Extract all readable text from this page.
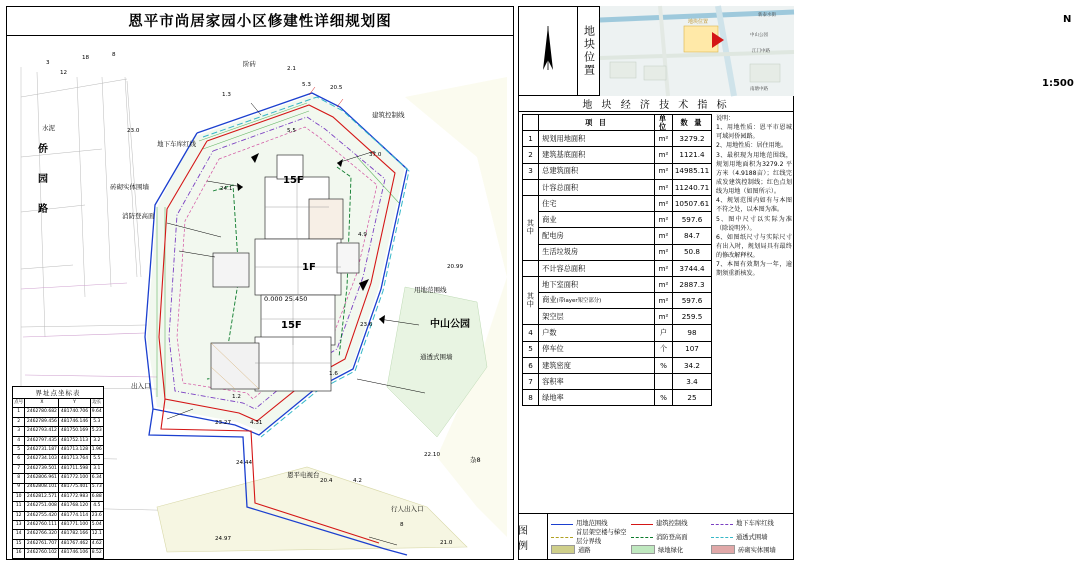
恩平市尚居家园小区修建性详细规划图
阶砖
建筑控制线
地下车库红线
砖砌实体围墙
消防登高面
用地范围线
中山公园
通透式围墙
出入口
行人出入口
1F
15F
15F
侨
园
路
水泥
恩平电视台
杂8
0.000 25.450
3
18	8
1.3
2.1
5.3	20.5
23.0	5.5
24.1
37.0
4.9
20.99
23.6
1.6
1.2
23.27	4.31
24.44
20.4	4.2
22.10
24.97
8
21.0
12
界址点坐标表
点号	X	Y	边长
1	2462780.682	481740.706	9.64
2	2462789.456	481746.146	5.3
3	2462793.412	481750.169	5.23
4	2462797.435	481752.113	3.2
5	2462731.187	481713.128	1.96
6	2462734.103	481713.764	5.5
7	2462739.501	481711.598	3.1
8	2462806.961	481772.100	6.34
9	2462808.101	481775.401	5.73
10	2462812.571	481772.983	6.88
11	2462751.008	481768.120	4.5
12	2462755.420	481774.114	23.6
13	2462760.111	481771.100	5.04
14	2462766.320	481782.166	12.1
15	2462761.707	481767.462	4.62
16	2462760.102	481746.106	8.52
N
1:500
地块位置
新泰水街
中山公园
江门中路
南塘中路
地块位置
地 块 经 济 技 术 指 标
	项 目	单位	数 量
1	规划用地面积	m²	3279.2
2	建筑基底面积	m²	1121.4
3	总建筑面积	m²	14985.11
	计容总面积	m²	11240.71
其中	住宅	m²	10507.61
	商业	m²	597.6
	配电房	m²	84.7
	生活垃圾房	m²	50.8
	不计容总面积	m²	3744.4
其中	地下室面积	m²	2887.3
	商业(带layer架空部分)	m²	597.6
	架空层	m²	259.5
4	户数	户	98
5	停车位	个	107
6	建筑密度	%	34.2
7	容积率		3.4
8	绿地率	%	25
说明：
1、用地性质：恩平市恩城可域河侨园路。
2、用地性质：居住用地。
3、最积现为用地范围线，规划用地面积为3279.2 平方米（4.9188亩）；红线完成发建筑控制线；红色点划线为用地（如图所示）。
4、规划范围内如有与本图不符之处，以本图为准。
5、图中尺寸以实际为准（除说明外）。
6、如图纸尺寸与实际尺寸有出入时，规划局具有最终的修改解释权。
7、本图有效期为一年，逾期须重新核发。
图 例
用地范围线	建筑控制线	地下车库红线
首层架空楼与梯空层分界线
消防登高面	通透式围墙
道路	绿地绿化	砖砌实体围墙
